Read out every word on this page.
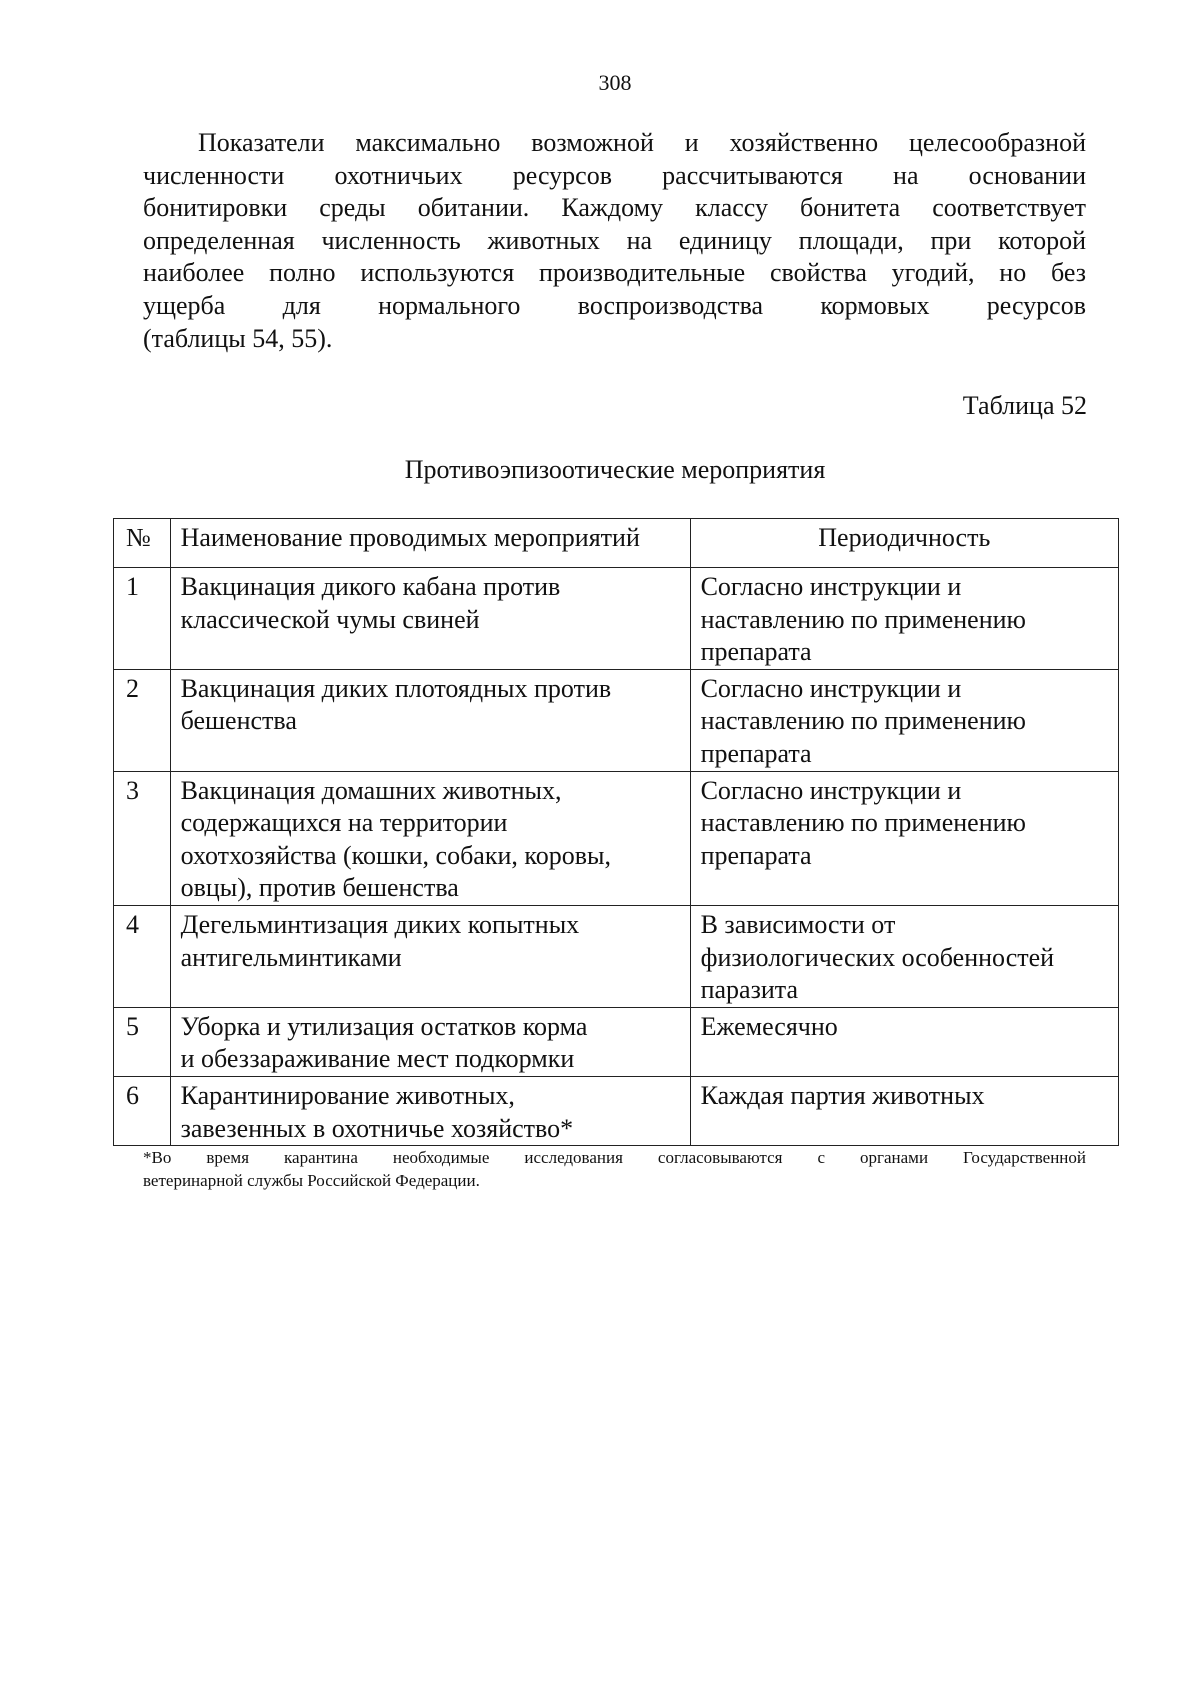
308

Показатели максимально возможной и хозяйственно целесообразной
численности охотничьих ресурсов рассчитываются на основании
бонитировки среды обитании. Каждому классу бонитета соответствует
определенная численность животных на единицу площади, при которой
наиболее полно используются производительные свойства угодий, но без
ущерба для нормального воспроизводства кормовых ресурсов
(таблицы 54, 55).

Таблица 52
Противоэпизоотические мероприятия
№	Наименование проводимых мероприятий	Периодичность
1	Вакцинация дикого кабана против
классической чумы свиней	Согласно инструкции и
наставлению по применению
препарата

2	Вакцинация диких плотоядных против
бешенства	Согласно инструкции и
наставлению по применению
препарата

3	Вакцинация домашних животных,
содержащихся на территории
охотхозяйства (кошки, собаки, коровы,
овцы), против бешенства	Согласно инструкции и
наставлению по применению
препарата

4	Дегельминтизация диких копытных
антигельминтиками	В зависимости от
физиологических особенностей
паразита

5	Уборка и утилизация остатков корма
и обеззараживание мест подкормки	Ежемесячно

6	Карантинирование животных,
завезенных в охотничье хозяйство*	Каждая партия животных

*Во время карантина необходимые исследования согласовываются с органами Государственной
ветеринарной службы Российской Федерации.
